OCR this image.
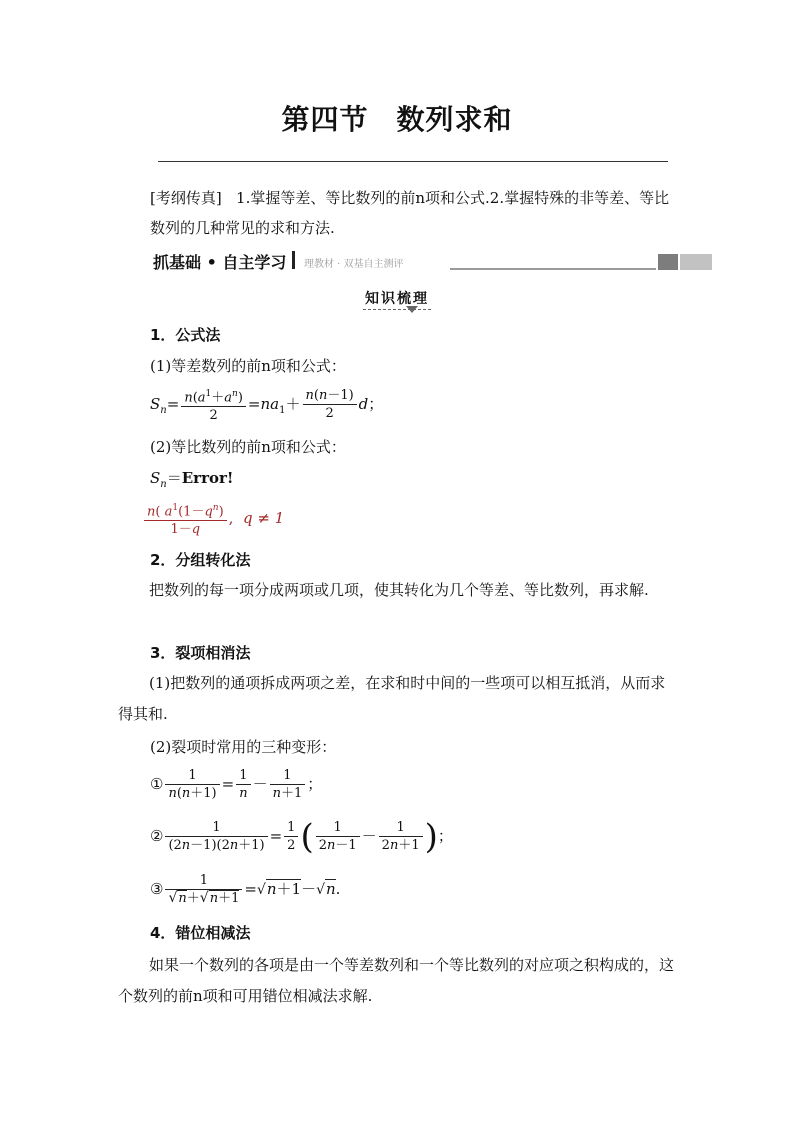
第四节 数列求和
[考纲传真] 1.掌握等差、等比数列的前n项和公式.2.掌握特殊的非等差、等比数列的几种常见的求和方法.
抓基础 • 自主学习 理教材 · 双基自主测评
知识梳理
1．公式法
(1)等差数列的前n项和公式：
$S_n= \frac{n(a^1+a^n)}{2} =na_1+ \frac{n(n-1)}{2}$ d；
(2)等比数列的前n项和公式：
$S_n=Error$!
$\frac{n( a^1(1-q^n)}{1-q}$ ,  q ≠ 1
2．分组转化法
把数列的每一项分成两项或几项，使其转化为几个等差、等比数列，再求解.
3．裂项相消法
(1)把数列的通项拆成两项之差，在求和时中间的一些项可以相互抵消，从而求得其和.
(2)裂项时常用的三种变形：
① $\frac{1}{n(n+1)} = \frac{1}{n} - \frac{1}{n+1}$ ；
② $\frac{1}{(2n-1)(2n+1)} = \frac{1}{2}$ ( $\frac{1}{2n-1} - \frac{1}{2n+1}$ )；
③ $\frac{1}{√n+√n+1} =√n+1-√n$.
4．错位相减法
如果一个数列的各项是由一个等差数列和一个等比数列的对应项之积构成的，这个数列的前n项和可用错位相减法求解.
